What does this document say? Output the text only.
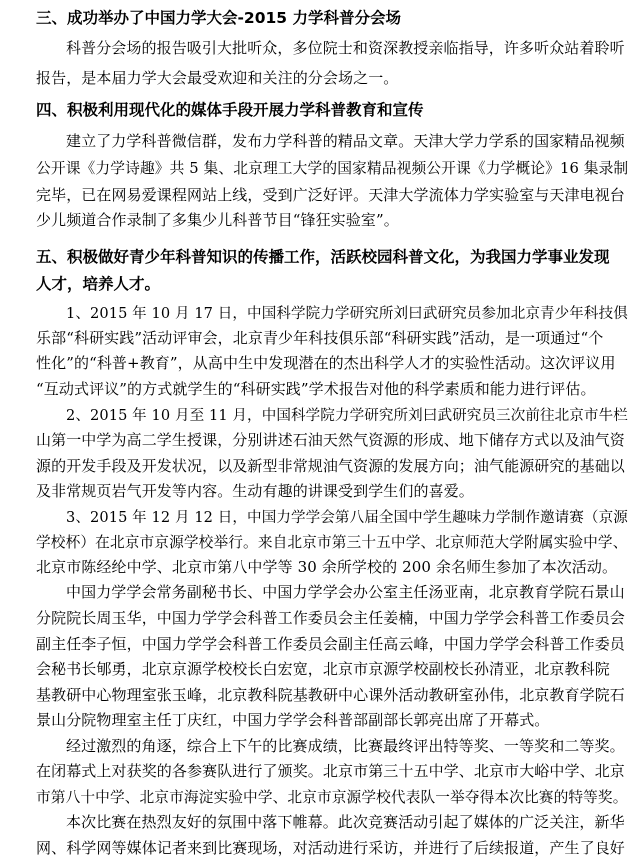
三、成功举办了中国力学大会-2015 力学科普分会场
科普分会场的报告吸引大批听众，多位院士和资深教授亲临指导，许多听众站着聆听
报告，是本届力学大会最受欢迎和关注的分会场之一。
四、积极利用现代化的媒体手段开展力学科普教育和宣传
建立了力学科普微信群，发布力学科普的精品文章。天津大学力学系的国家精品视频
公开课《力学诗趣》共 5 集、北京理工大学的国家精品视频公开课《力学概论》16 集录制
完毕，已在网易爱课程网站上线，受到广泛好评。天津大学流体力学实验室与天津电视台
少儿频道合作录制了多集少儿科普节目“锋狂实验室”。
五、积极做好青少年科普知识的传播工作，活跃校园科普文化，为我国力学事业发现
人才，培养人才。
1、2015 年 10 月 17 日，中国科学院力学研究所刘曰武研究员参加北京青少年科技俱
乐部“科研实践”活动评审会，北京青少年科技俱乐部“科研实践”活动，是一项通过“个
性化”的“科普+教育”，从高中生中发现潜在的杰出科学人才的实验性活动。这次评议用
“互动式评议”的方式就学生的“科研实践”学术报告对他的科学素质和能力进行评估。
2、2015 年 10 月至 11 月，中国科学院力学研究所刘曰武研究员三次前往北京市牛栏
山第一中学为高二学生授课，分别讲述石油天然气资源的形成、地下储存方式以及油气资
源的开发手段及开发状况，以及新型非常规油气资源的发展方向；油气能源研究的基础以
及非常规页岩气开发等内容。生动有趣的讲课受到学生们的喜爱。
3、2015 年 12 月 12 日，中国力学学会第八届全国中学生趣味力学制作邀请赛（京源
学校杯）在北京市京源学校举行。来自北京市第三十五中学、北京师范大学附属实验中学、
北京市陈经纶中学、北京市第八中学等 30 余所学校的 200 余名师生参加了本次活动。
中国力学学会常务副秘书长、中国力学学会办公室主任汤亚南，北京教育学院石景山
分院院长周玉华，中国力学学会科普工作委员会主任姜楠，中国力学学会科普工作委员会
副主任李子恒，中国力学学会科普工作委员会副主任高云峰，中国力学学会科普工作委员
会秘书长郇勇，北京京源学校校长白宏宽，北京市京源学校副校长孙清亚，北京教科院
基教研中心物理室张玉峰，北京教科院基教研中心课外活动教研室孙伟，北京教育学院石
景山分院物理室主任丁庆红，中国力学学会科普部副部长郭亮出席了开幕式。
经过激烈的角逐，综合上下午的比赛成绩，比赛最终评出特等奖、一等奖和二等奖。
在闭幕式上对获奖的各参赛队进行了颁奖。北京市第三十五中学、北京市大峪中学、北京
市第八十中学、北京市海淀实验中学、北京市京源学校代表队一举夺得本次比赛的特等奖。
本次比赛在热烈友好的氛围中落下帷幕。此次竞赛活动引起了媒体的广泛关注，新华
网、科学网等媒体记者来到比赛现场，对活动进行采访，并进行了后续报道，产生了良好
